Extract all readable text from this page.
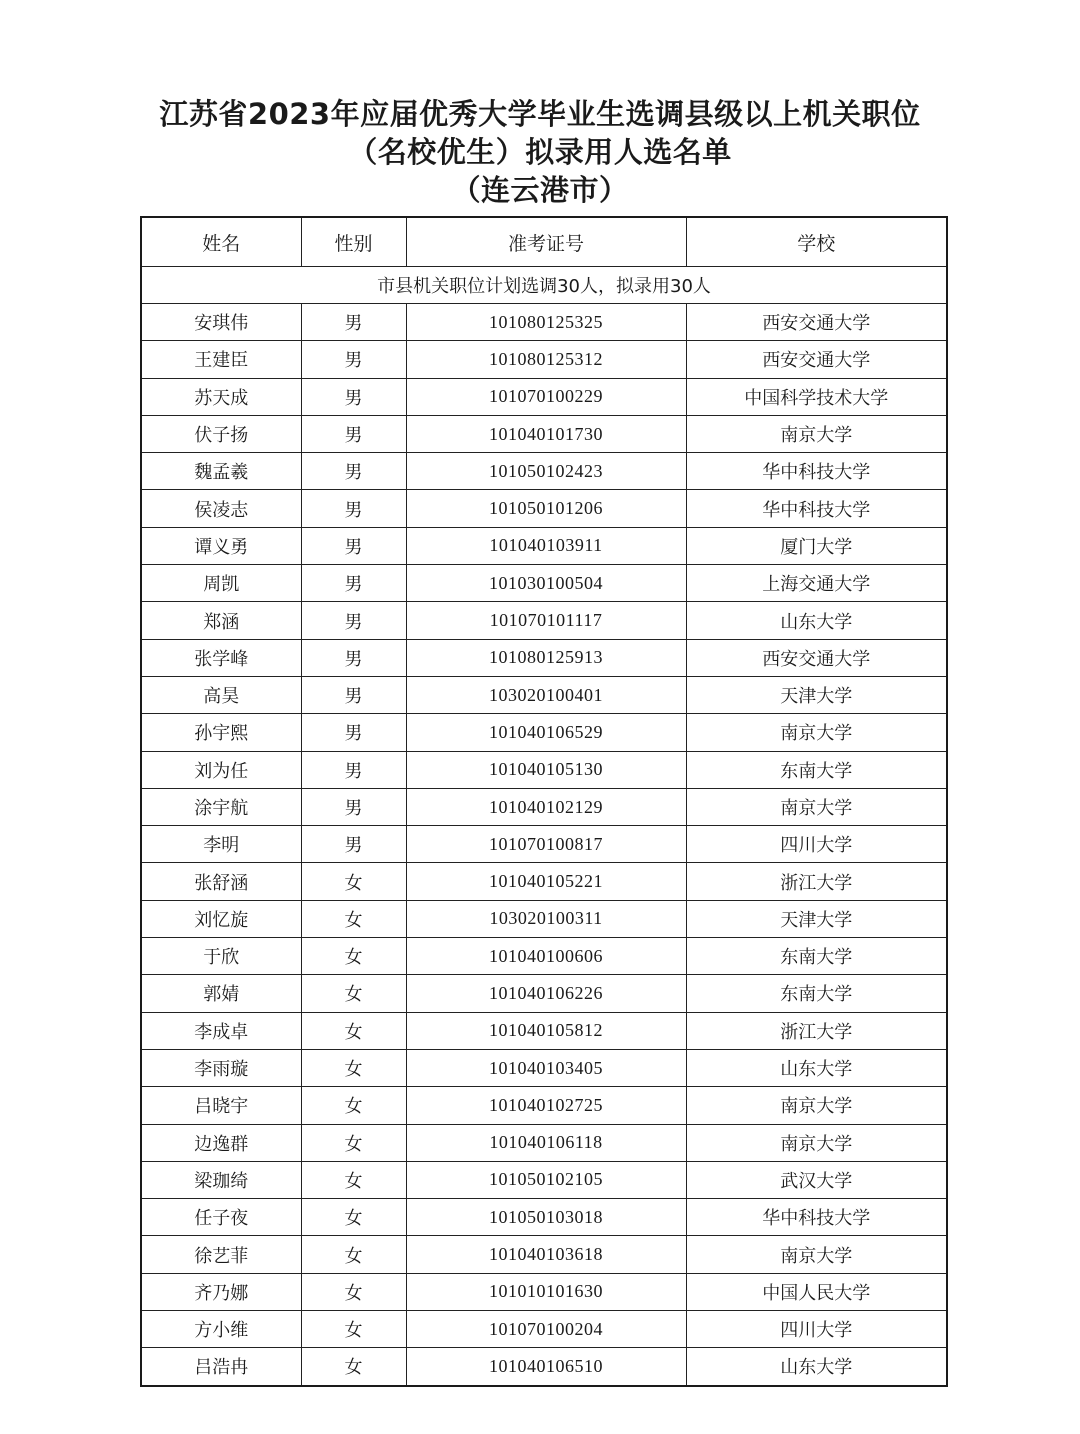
江苏省2023年应届优秀大学毕业生选调县级以上机关职位
（名校优生）拟录用人选名单
（连云港市）
姓名	性别	准考证号	学校
市县机关职位计划选调30人，拟录用30人			
安琪伟	男	101080125325	西安交通大学
王建臣	男	101080125312	西安交通大学
苏天成	男	101070100229	中国科学技术大学
伏子扬	男	101040101730	南京大学
魏孟羲	男	101050102423	华中科技大学
侯凌志	男	101050101206	华中科技大学
谭义勇	男	101040103911	厦门大学
周凯	男	101030100504	上海交通大学
郑涵	男	101070101117	山东大学
张学峰	男	101080125913	西安交通大学
高昊	男	103020100401	天津大学
孙宇熙	男	101040106529	南京大学
刘为任	男	101040105130	东南大学
涂宇航	男	101040102129	南京大学
李明	男	101070100817	四川大学
张舒涵	女	101040105221	浙江大学
刘忆旋	女	103020100311	天津大学
于欣	女	101040100606	东南大学
郭婧	女	101040106226	东南大学
李成卓	女	101040105812	浙江大学
李雨璇	女	101040103405	山东大学
吕晓宇	女	101040102725	南京大学
边逸群	女	101040106118	南京大学
梁珈绮	女	101050102105	武汉大学
任子夜	女	101050103018	华中科技大学
徐艺菲	女	101040103618	南京大学
齐乃娜	女	101010101630	中国人民大学
方小维	女	101070100204	四川大学
吕浩冉	女	101040106510	山东大学
